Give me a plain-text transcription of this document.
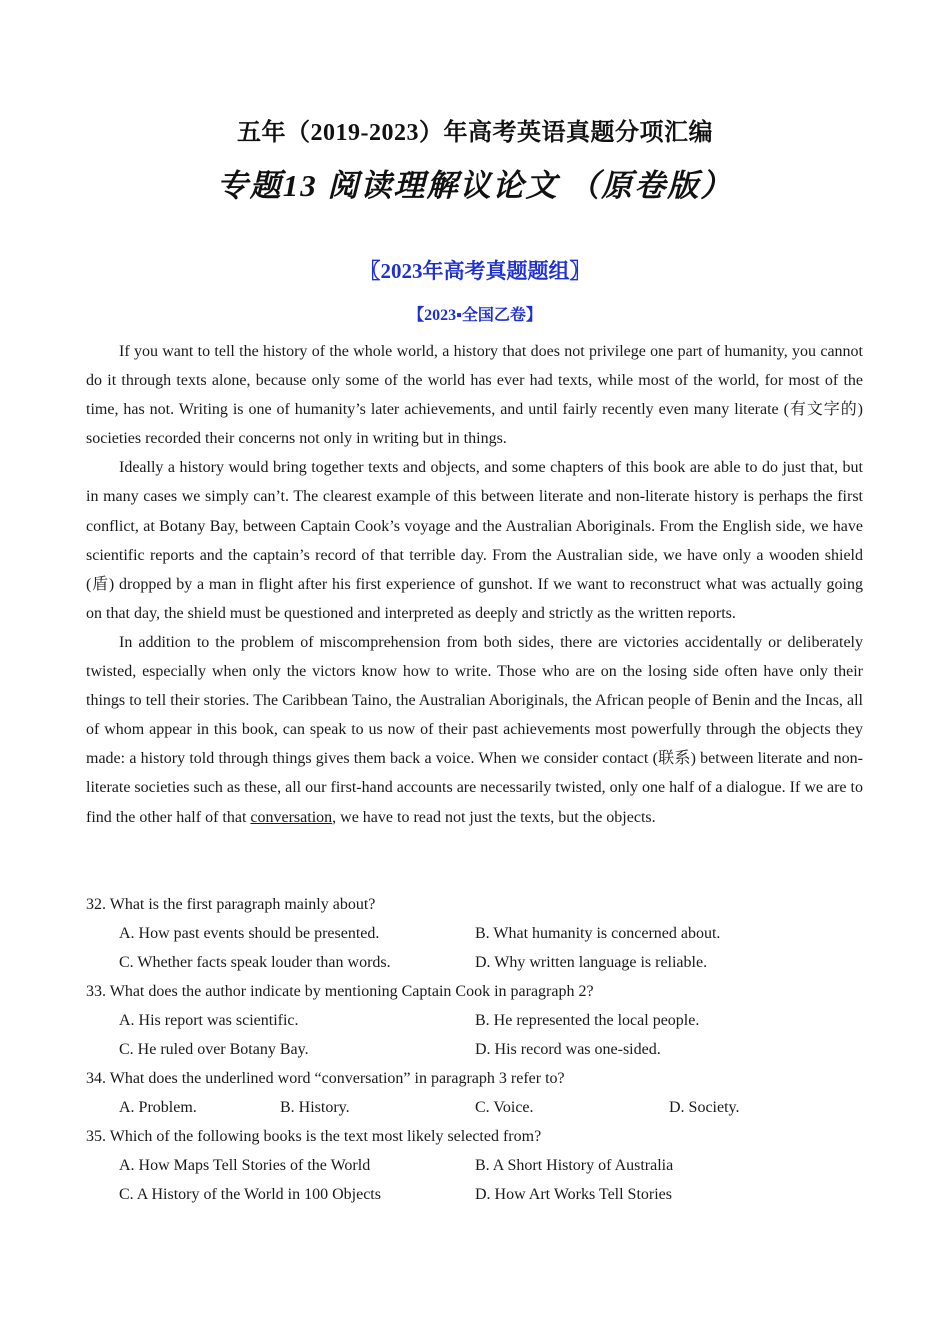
五年（2019-2023）年高考英语真题分项汇编
专题13 阅读理解议论文 （原卷版）
〖2023年高考真题题组〗
【2023▪全国乙卷】

If you want to tell the history of the whole world, a history that does not privilege one part of humanity, you cannot do it through texts alone, because only some of the world has ever had texts, while most of the world, for most of the time, has not. Writing is one of humanity’s later achievements, and until fairly recently even many literate (有文字的) societies recorded their concerns not only in writing but in things.

Ideally a history would bring together texts and objects, and some chapters of this book are able to do just that, but in many cases we simply can’t. The clearest example of this between literate and non-literate history is perhaps the first conflict, at Botany Bay, between Captain Cook’s voyage and the Australian Aboriginals. From the English side, we have scientific reports and the captain’s record of that terrible day. From the Australian side, we have only a wooden shield (盾) dropped by a man in flight after his first experience of gunshot. If we want to reconstruct what was actually going on that day, the shield must be questioned and interpreted as deeply and strictly as the written reports.

In addition to the problem of miscomprehension from both sides, there are victories accidentally or deliberately twisted, especially when only the victors know how to write. Those who are on the losing side often have only their things to tell their stories. The Caribbean Taino, the Australian Aboriginals, the African people of Benin and the Incas, all of whom appear in this book, can speak to us now of their past achievements most powerfully through the objects they made: a history told through things gives them back a voice. When we consider contact (联系) between literate and non-literate societies such as these, all our first-hand accounts are necessarily twisted, only one half of a dialogue. If we are to find the other half of that conversation, we have to read not just the texts, but the objects.

32. What is the first paragraph mainly about?
A. How past events should be presented.	B. What humanity is concerned about.
C. Whether facts speak louder than words.	D. Why written language is reliable.
33. What does the author indicate by mentioning Captain Cook in paragraph 2?
A. His report was scientific.	B. He represented the local people.
C. He ruled over Botany Bay.	D. His record was one-sided.
34. What does the underlined word “conversation” in paragraph 3 refer to?
A. Problem.	B. History.	C. Voice.	D. Society.
35. Which of the following books is the text most likely selected from?
A. How Maps Tell Stories of the World	B. A Short History of Australia
C. A History of the World in 100 Objects	D. How Art Works Tell Stories
